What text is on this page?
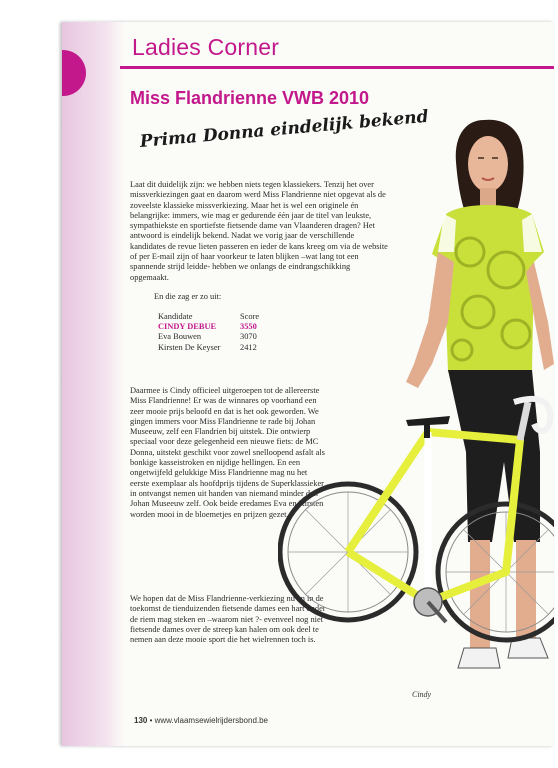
Ladies Corner
Miss Flandrienne VWB 2010
Prima Donna eindelijk bekend
Laat dit duidelijk zijn: we hebben niets tegen klassiekers. Tenzij het over missverkiezingen gaat en daarom werd Miss Flandrienne niet opgevat als de zoveelste klassieke missverkiezing. Maar het is wel een originele én belangrijke: immers, wie mag er gedurende één jaar de titel van leukste, sympathiekste en sportiefste fietsende dame van Vlaanderen dragen? Het antwoord is eindelijk bekend. Nadat we vorig jaar de verschillende kandidates de revue lieten passeren en ieder de kans kreeg om via de website of per E-mail zijn of haar voorkeur te laten blijken –wat lang tot een spannende strijd leidde- hebben we onlangs de eindrangschikking opgemaakt.
En die zag er zo uit:
Kandidate	Score
CINDY DEBUE	3550
Eva Bouwen	3070
Kirsten De Keyser	2412
Daarmee is Cindy officieel uitgeroepen tot de allereerste Miss Flandrienne! Er was de winnares op voorhand een zeer mooie prijs beloofd en dat is het ook geworden. We gingen immers voor Miss Flandrienne te rade bij Johan Museeuw, zelf een Flandrien bij uitstek. Die ontwierp speciaal voor deze gelegenheid een nieuwe fiets: de MC Donna, uitstekt geschikt voor zowel snelloopend asfalt als bonkige kasseistroken en nijdige hellingen. En een ongetwijfeld gelukkige Miss Flandrienne mag nu het eerste exemplaar als hoofdprijs tijdens de Superklassieker in ontvangst nemen uit handen van niemand minder dan Johan Museeuw zelf. Ook beide eredames Eva en Kirsten worden mooi in de bloemetjes en prijzen gezet.
We hopen dat de Miss Flandrienne-verkiezing nu en in de toekomst de tienduizenden fietsende dames een hart onder de riem mag steken en –waarom niet ?- evenveel nog niet fietsende dames over de streep kan halen om ook deel te nemen aan deze mooie sport die het wielrennen toch is.
Cindy
130 • www.vlaamsewielrijdersbond.be
